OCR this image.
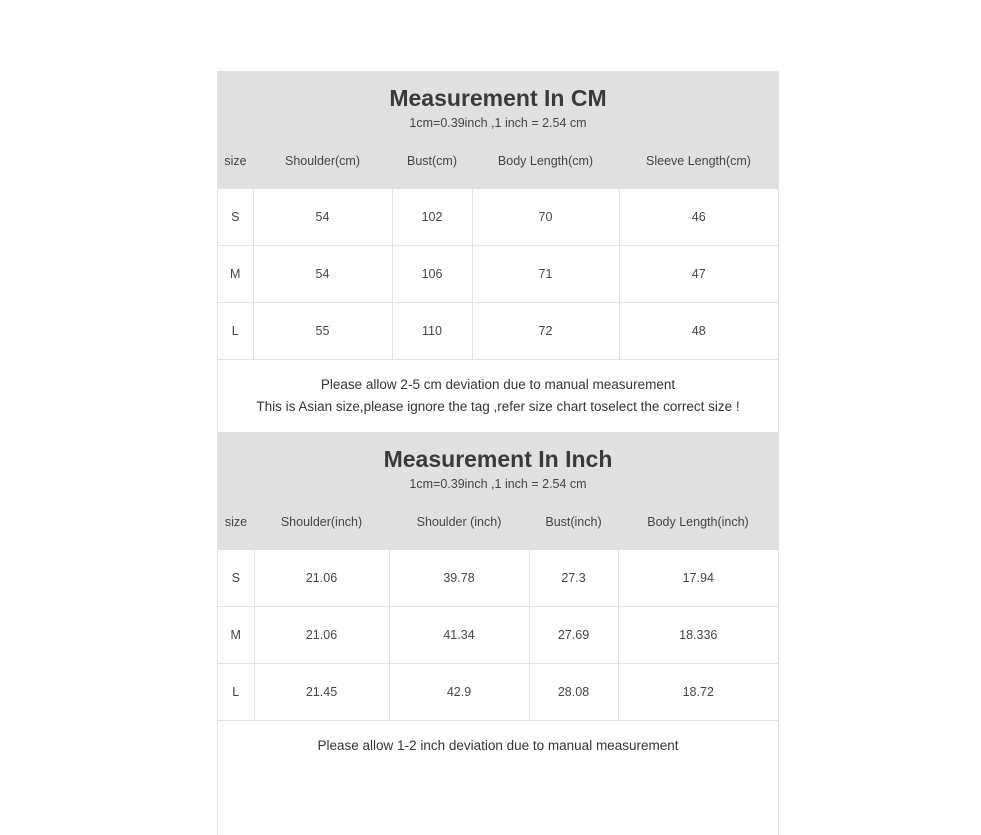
Measurement In CM
1cm=0.39inch ,1 inch = 2.54 cm
size	Shoulder(cm)	Bust(cm)	Body Length(cm)	Sleeve Length(cm)
S	54	102	70	46
M	54	106	71	47
L	55	110	72	48
Please allow 2-5 cm deviation due to manual measurement
This is Asian size,please ignore the tag ,refer size chart toselect the correct size !
Measurement In Inch
1cm=0.39inch ,1 inch = 2.54 cm
size	Shoulder(inch)	Shoulder (inch)	Bust(inch)	Body Length(inch)
S	21.06	39.78	27.3	17.94
M	21.06	41.34	27.69	18.336
L	21.45	42.9	28.08	18.72
Please allow 1-2 inch deviation due to manual measurement
